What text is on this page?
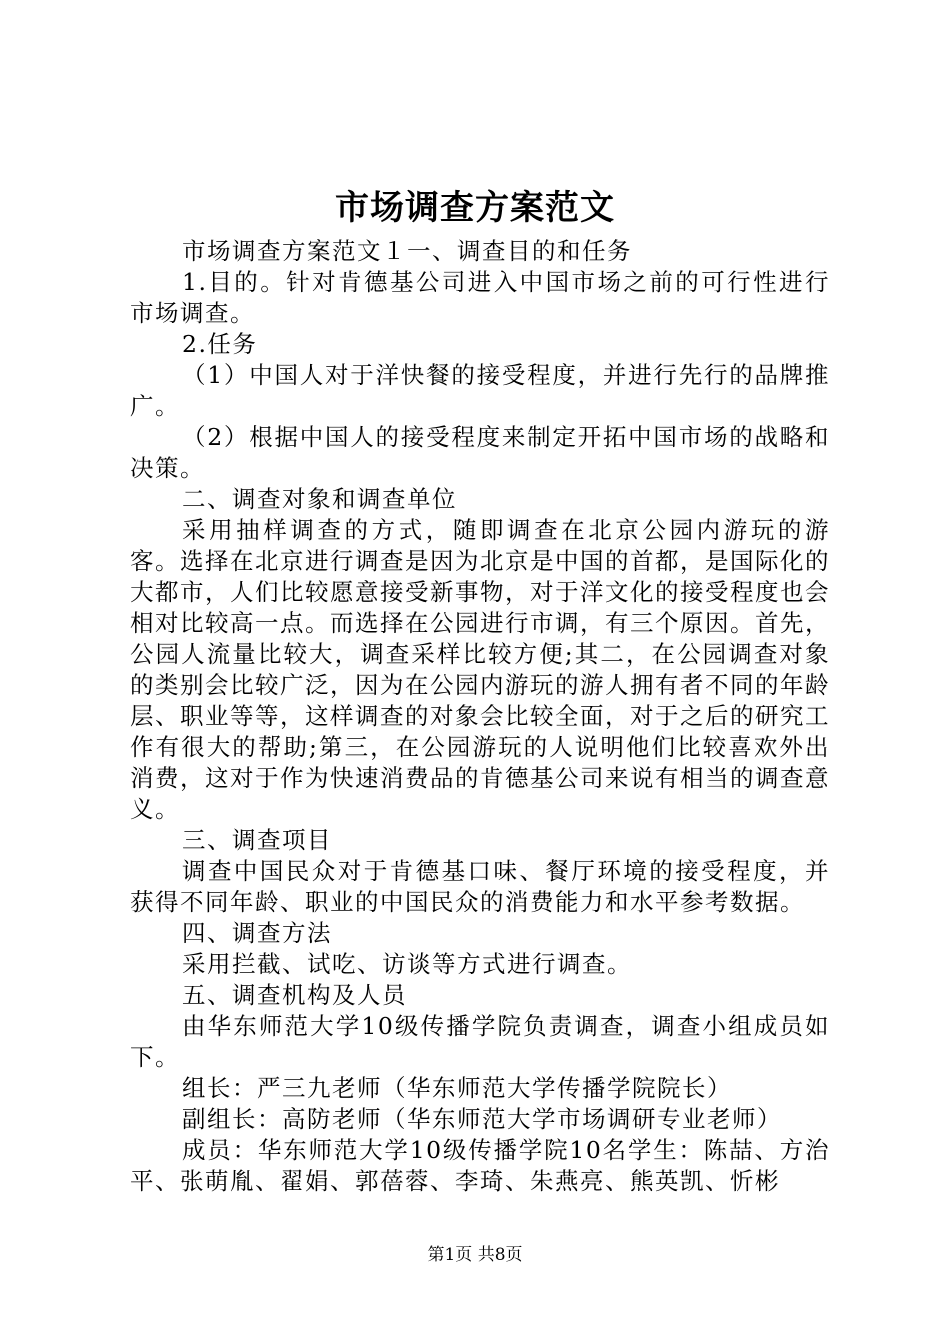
市场调查方案范文

市场调查方案范文１一、调查目的和任务

1.目的。针对肯德基公司进入中国市场之前的可行性进行市场调查。

2.任务

（1）中国人对于洋快餐的接受程度，并进行先行的品牌推广。

（2）根据中国人的接受程度来制定开拓中国市场的战略和决策。

二、调查对象和调查单位

采用抽样调查的方式，随即调查在北京公园内游玩的游客。选择在北京进行调查是因为北京是中国的首都，是国际化的大都市，人们比较愿意接受新事物，对于洋文化的接受程度也会相对比较高一点。而选择在公园进行市调，有三个原因。首先，公园人流量比较大，调查采样比较方便;其二，在公园调查对象的类别会比较广泛，因为在公园内游玩的游人拥有者不同的年龄层、职业等等，这样调查的对象会比较全面，对于之后的研究工作有很大的帮助;第三，在公园游玩的人说明他们比较喜欢外出消费，这对于作为快速消费品的肯德基公司来说有相当的调查意义。

三、调查项目

调查中国民众对于肯德基口味、餐厅环境的接受程度，并获得不同年龄、职业的中国民众的消费能力和水平参考数据。

四、调查方法

采用拦截、试吃、访谈等方式进行调查。

五、调查机构及人员

由华东师范大学10级传播学院负责调查，调查小组成员如下。

组长：严三九老师（华东师范大学传播学院院长）

副组长：高防老师（华东师范大学市场调研专业老师）

成员：华东师范大学10级传播学院10名学生：陈喆、方治平、张萌胤、翟娟、郭蓓蓉、李琦、朱燕亮、熊英凯、忻彬

第1页 共8页
